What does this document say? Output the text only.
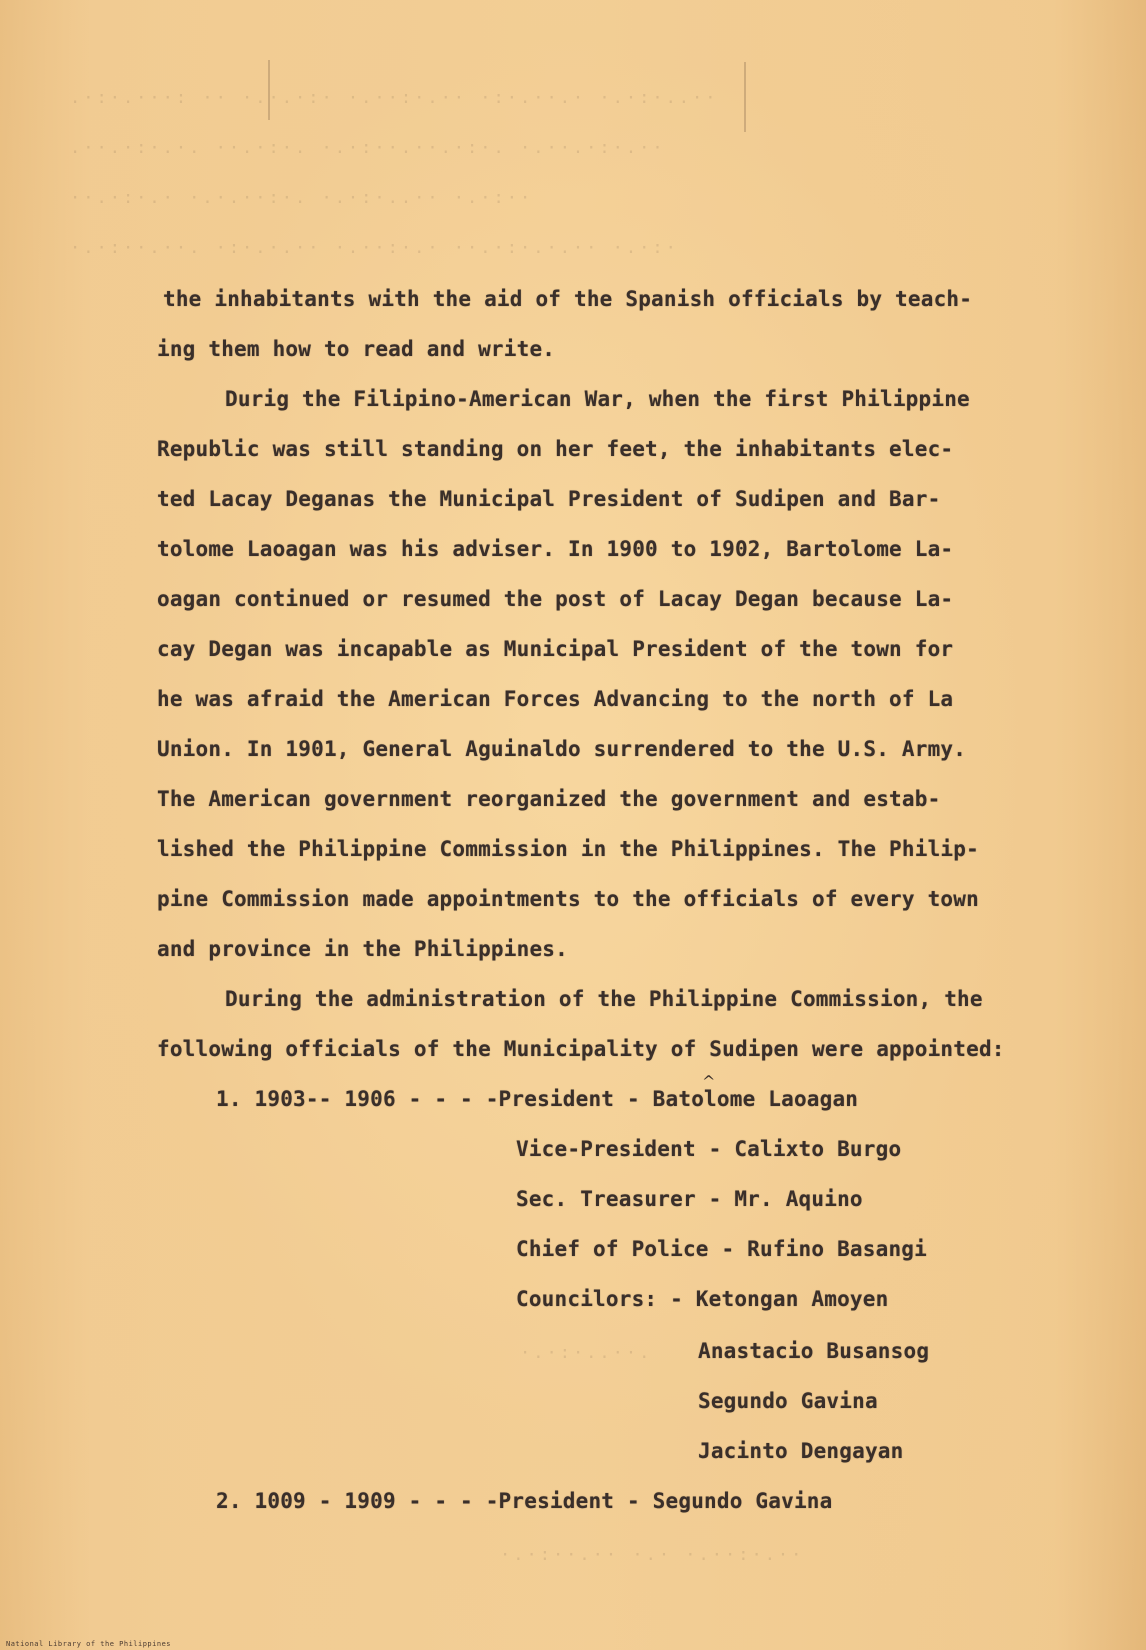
.·:·.···: ·· ·.·.·:· ·.··:·.·· ·:·.··.· ·.·:·..··
.··.·:·.·. ··.·:·. ·.·:··.··.·:·. ·.··.·:·.··
··.·:·.· ·.·.··:·. ·.·:·..·· ·.·:··
·.·:··.··. ·:·.·.·· ·.··:·.· ··.·:·.·.·· ·.·:·
the inhabitants with the aid of the Spanish officials by teach-
ing them how to read and write.
Durig the Filipino-American War, when the first Philippine
Republic was still standing on her feet, the inhabitants elec-
ted Lacay Deganas the Municipal President of Sudipen and Bar-
tolome Laoagan was his adviser. In 1900 to 1902, Bartolome La-
oagan continued or resumed the post of Lacay Degan because La-
cay Degan was incapable as Municipal President of the town for
he was afraid the American Forces Advancing to the north of La
Union. In 1901, General Aguinaldo surrendered to the U.S. Army.
The American government reorganized the government and estab-
lished the Philippine Commission in the Philippines. The Philip-
pine Commission made appointments to the officials of every town
and province in the Philippines.
During the administration of the Philippine Commission, the
following officials of the Municipality of Sudipen were appointed:
1. 1903-- 1906 - - - -President - Batolome Laoagan
^
Vice-President - Calixto Burgo
Sec. Treasurer - Mr. Aquino
Chief of Police - Rufino Basangi
Councilors: - Ketongan Amoyen
·.·:·..··. Anastacio Busansog
Segundo Gavina
Jacinto Dengayan
2. 1009 - 1909 - - - -President - Segundo Gavina
·.·:··.·· ·.· ·.··:·.··
National Library of the Philippines
